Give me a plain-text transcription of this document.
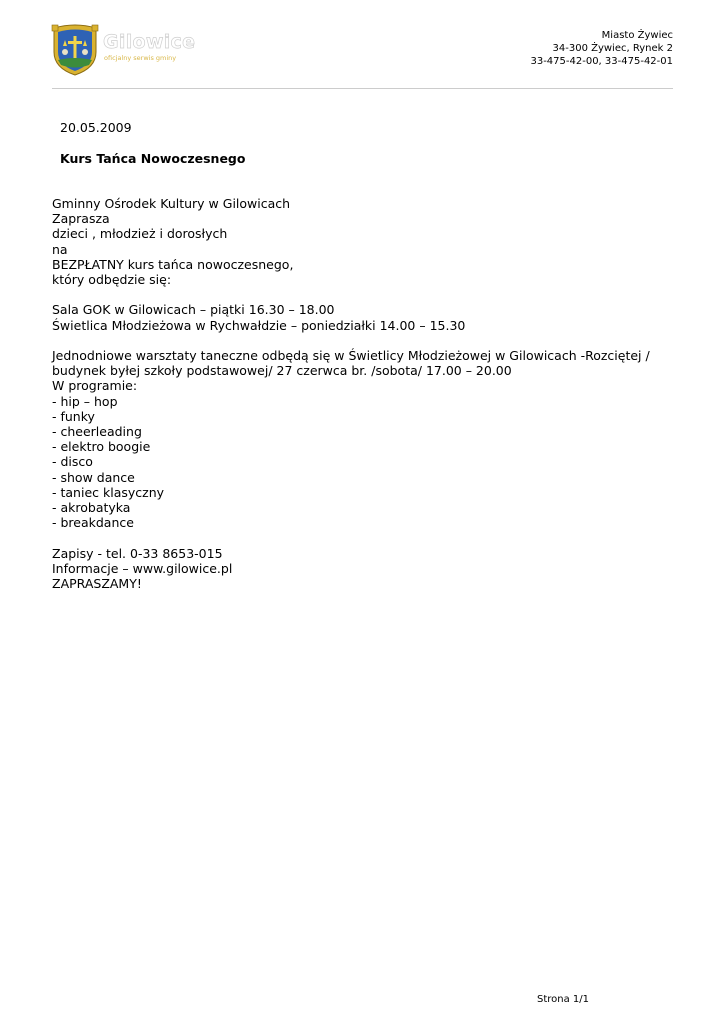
Gilowice
oficjalny serwis gminy
Miasto Żywiec
34-300 Żywiec, Rynek 2
33-475-42-00, 33-475-42-01
20.05.2009
Kurs Tańca Nowoczesnego
Gminny Ośrodek Kultury w Gilowicach
Zaprasza
dzieci , młodzież i dorosłych
na
BEZPŁATNY kurs tańca nowoczesnego,
który odbędzie się:
Sala GOK w Gilowicach – piątki 16.30 – 18.00
Świetlica Młodzieżowa w Rychwałdzie – poniedziałki 14.00 – 15.30
Jednodniowe warsztaty taneczne odbędą się w Świetlicy Młodzieżowej w Gilowicach -Rozciętej /
budynek byłej szkoły podstawowej/ 27 czerwca br. /sobota/ 17.00 – 20.00
W programie:
- hip – hop
- funky
- cheerleading
- elektro boogie
- disco
- show dance
- taniec klasyczny
- akrobatyka
- breakdance
Zapisy - tel. 0-33 8653-015
Informacje – www.gilowice.pl
ZAPRASZAMY!
Strona 1/1
